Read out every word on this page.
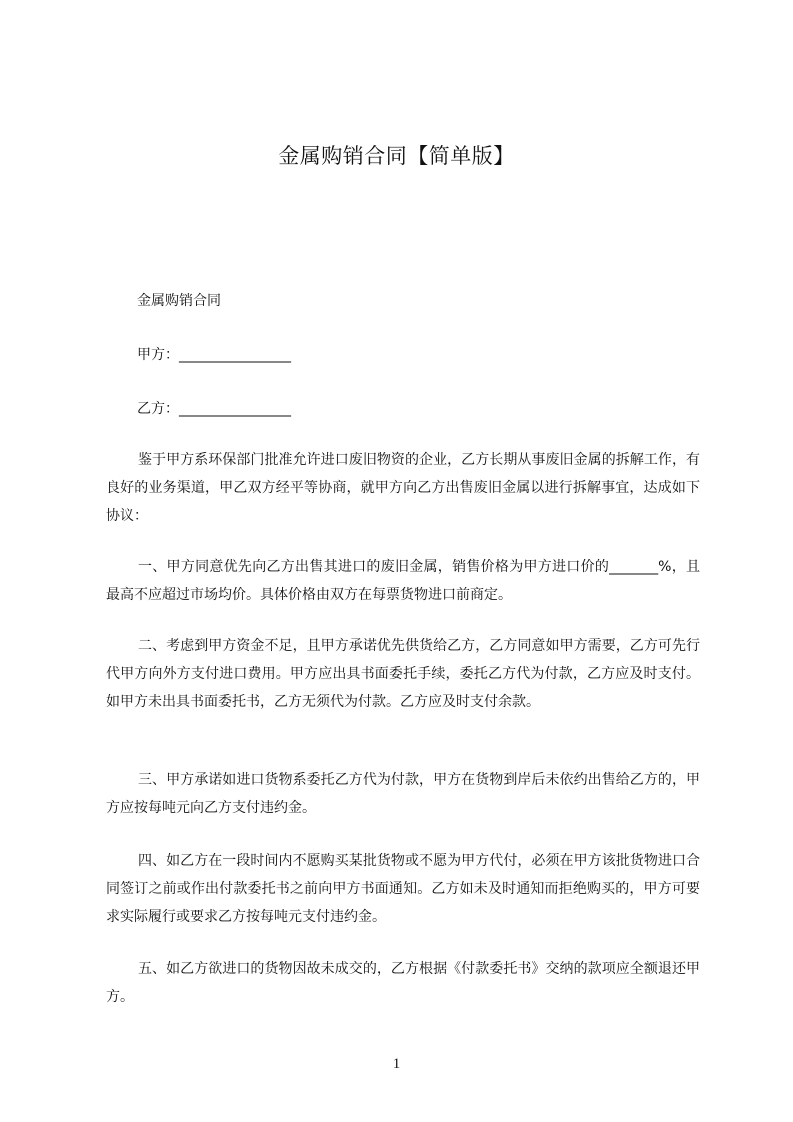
金属购销合同【简单版】

金属购销合同

甲方：________________

乙方：________________

鉴于甲方系环保部门批准允许进口废旧物资的企业，乙方长期从事废旧金属的拆解工作，有良好的业务渠道，甲乙双方经平等协商，就甲方向乙方出售废旧金属以进行拆解事宜，达成如下协议：

一、甲方同意优先向乙方出售其进口的废旧金属，销售价格为甲方进口价的_______%，且最高不应超过市场均价。具体价格由双方在每票货物进口前商定。

二、考虑到甲方资金不足，且甲方承诺优先供货给乙方，乙方同意如甲方需要，乙方可先行代甲方向外方支付进口费用。甲方应出具书面委托手续，委托乙方代为付款，乙方应及时支付。如甲方未出具书面委托书，乙方无须代为付款。乙方应及时支付余款。

三、甲方承诺如进口货物系委托乙方代为付款，甲方在货物到岸后未依约出售给乙方的，甲方应按每吨元向乙方支付违约金。

四、如乙方在一段时间内不愿购买某批货物或不愿为甲方代付，必须在甲方该批货物进口合同签订之前或作出付款委托书之前向甲方书面通知。乙方如未及时通知而拒绝购买的，甲方可要求实际履行或要求乙方按每吨元支付违约金。

五、如乙方欲进口的货物因故未成交的，乙方根据《付款委托书》交纳的款项应全额退还甲方。

1
